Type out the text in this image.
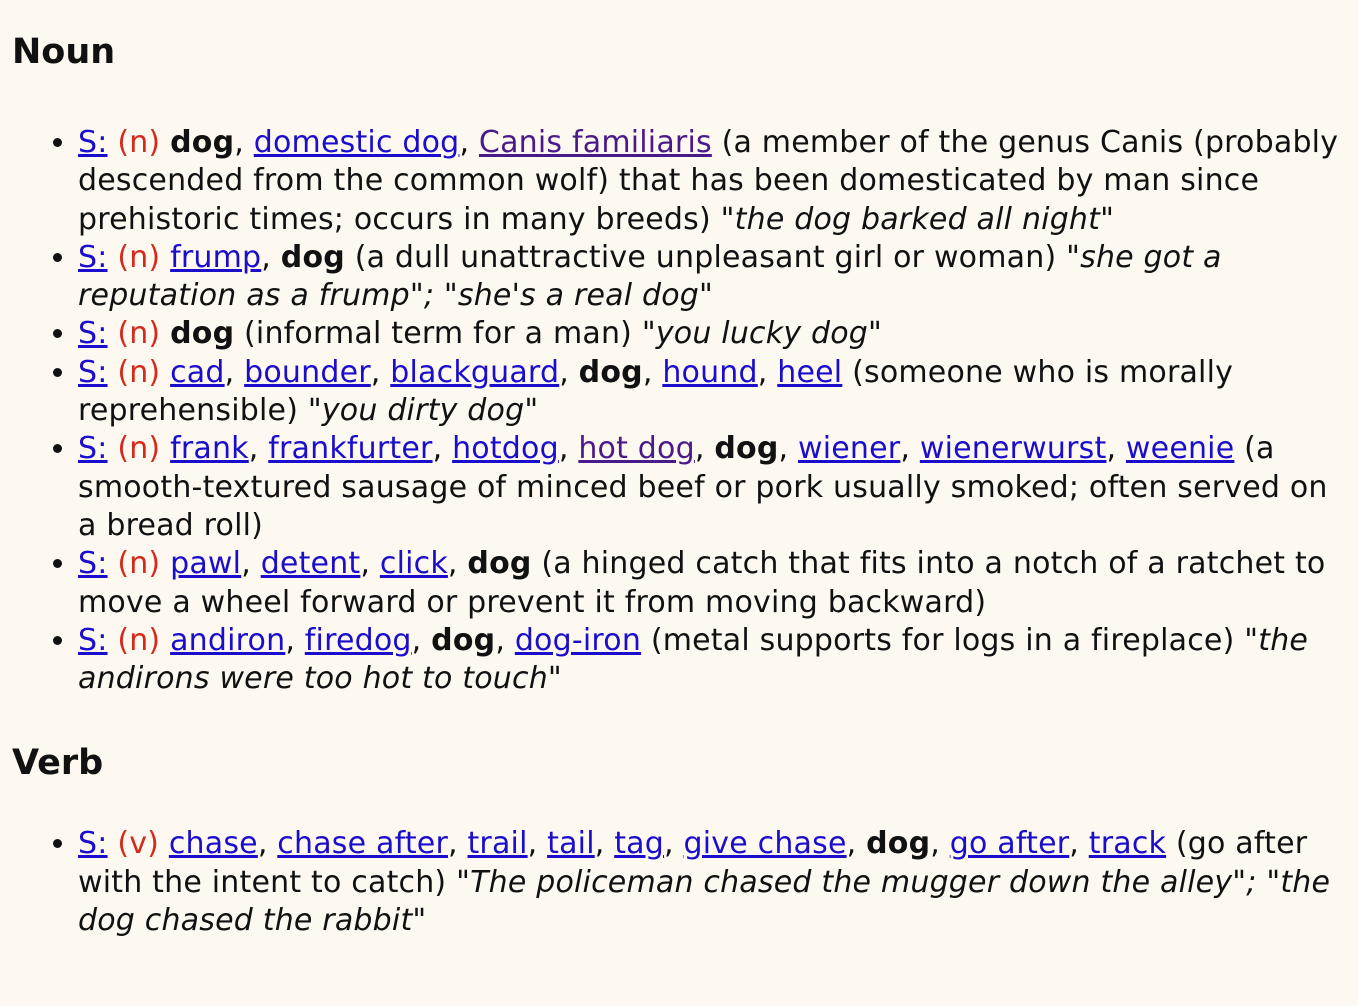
Noun
• S: (n) dog, domestic dog, Canis familiaris (a member of the genus Canis (probably descended from the common wolf) that has been domesticated by man since prehistoric times; occurs in many breeds) "the dog barked all night"
• S: (n) frump, dog (a dull unattractive unpleasant girl or woman) "she got a reputation as a frump"; "she's a real dog"
• S: (n) dog (informal term for a man) "you lucky dog"
• S: (n) cad, bounder, blackguard, dog, hound, heel (someone who is morally reprehensible) "you dirty dog"
• S: (n) frank, frankfurter, hotdog, hot dog, dog, wiener, wienerwurst, weenie (a smooth-textured sausage of minced beef or pork usually smoked; often served on a bread roll)
• S: (n) pawl, detent, click, dog (a hinged catch that fits into a notch of a ratchet to move a wheel forward or prevent it from moving backward)
• S: (n) andiron, firedog, dog, dog-iron (metal supports for logs in a fireplace) "the andirons were too hot to touch"
Verb
• S: (v) chase, chase after, trail, tail, tag, give chase, dog, go after, track (go after with the intent to catch) "The policeman chased the mugger down the alley"; "the dog chased the rabbit"
